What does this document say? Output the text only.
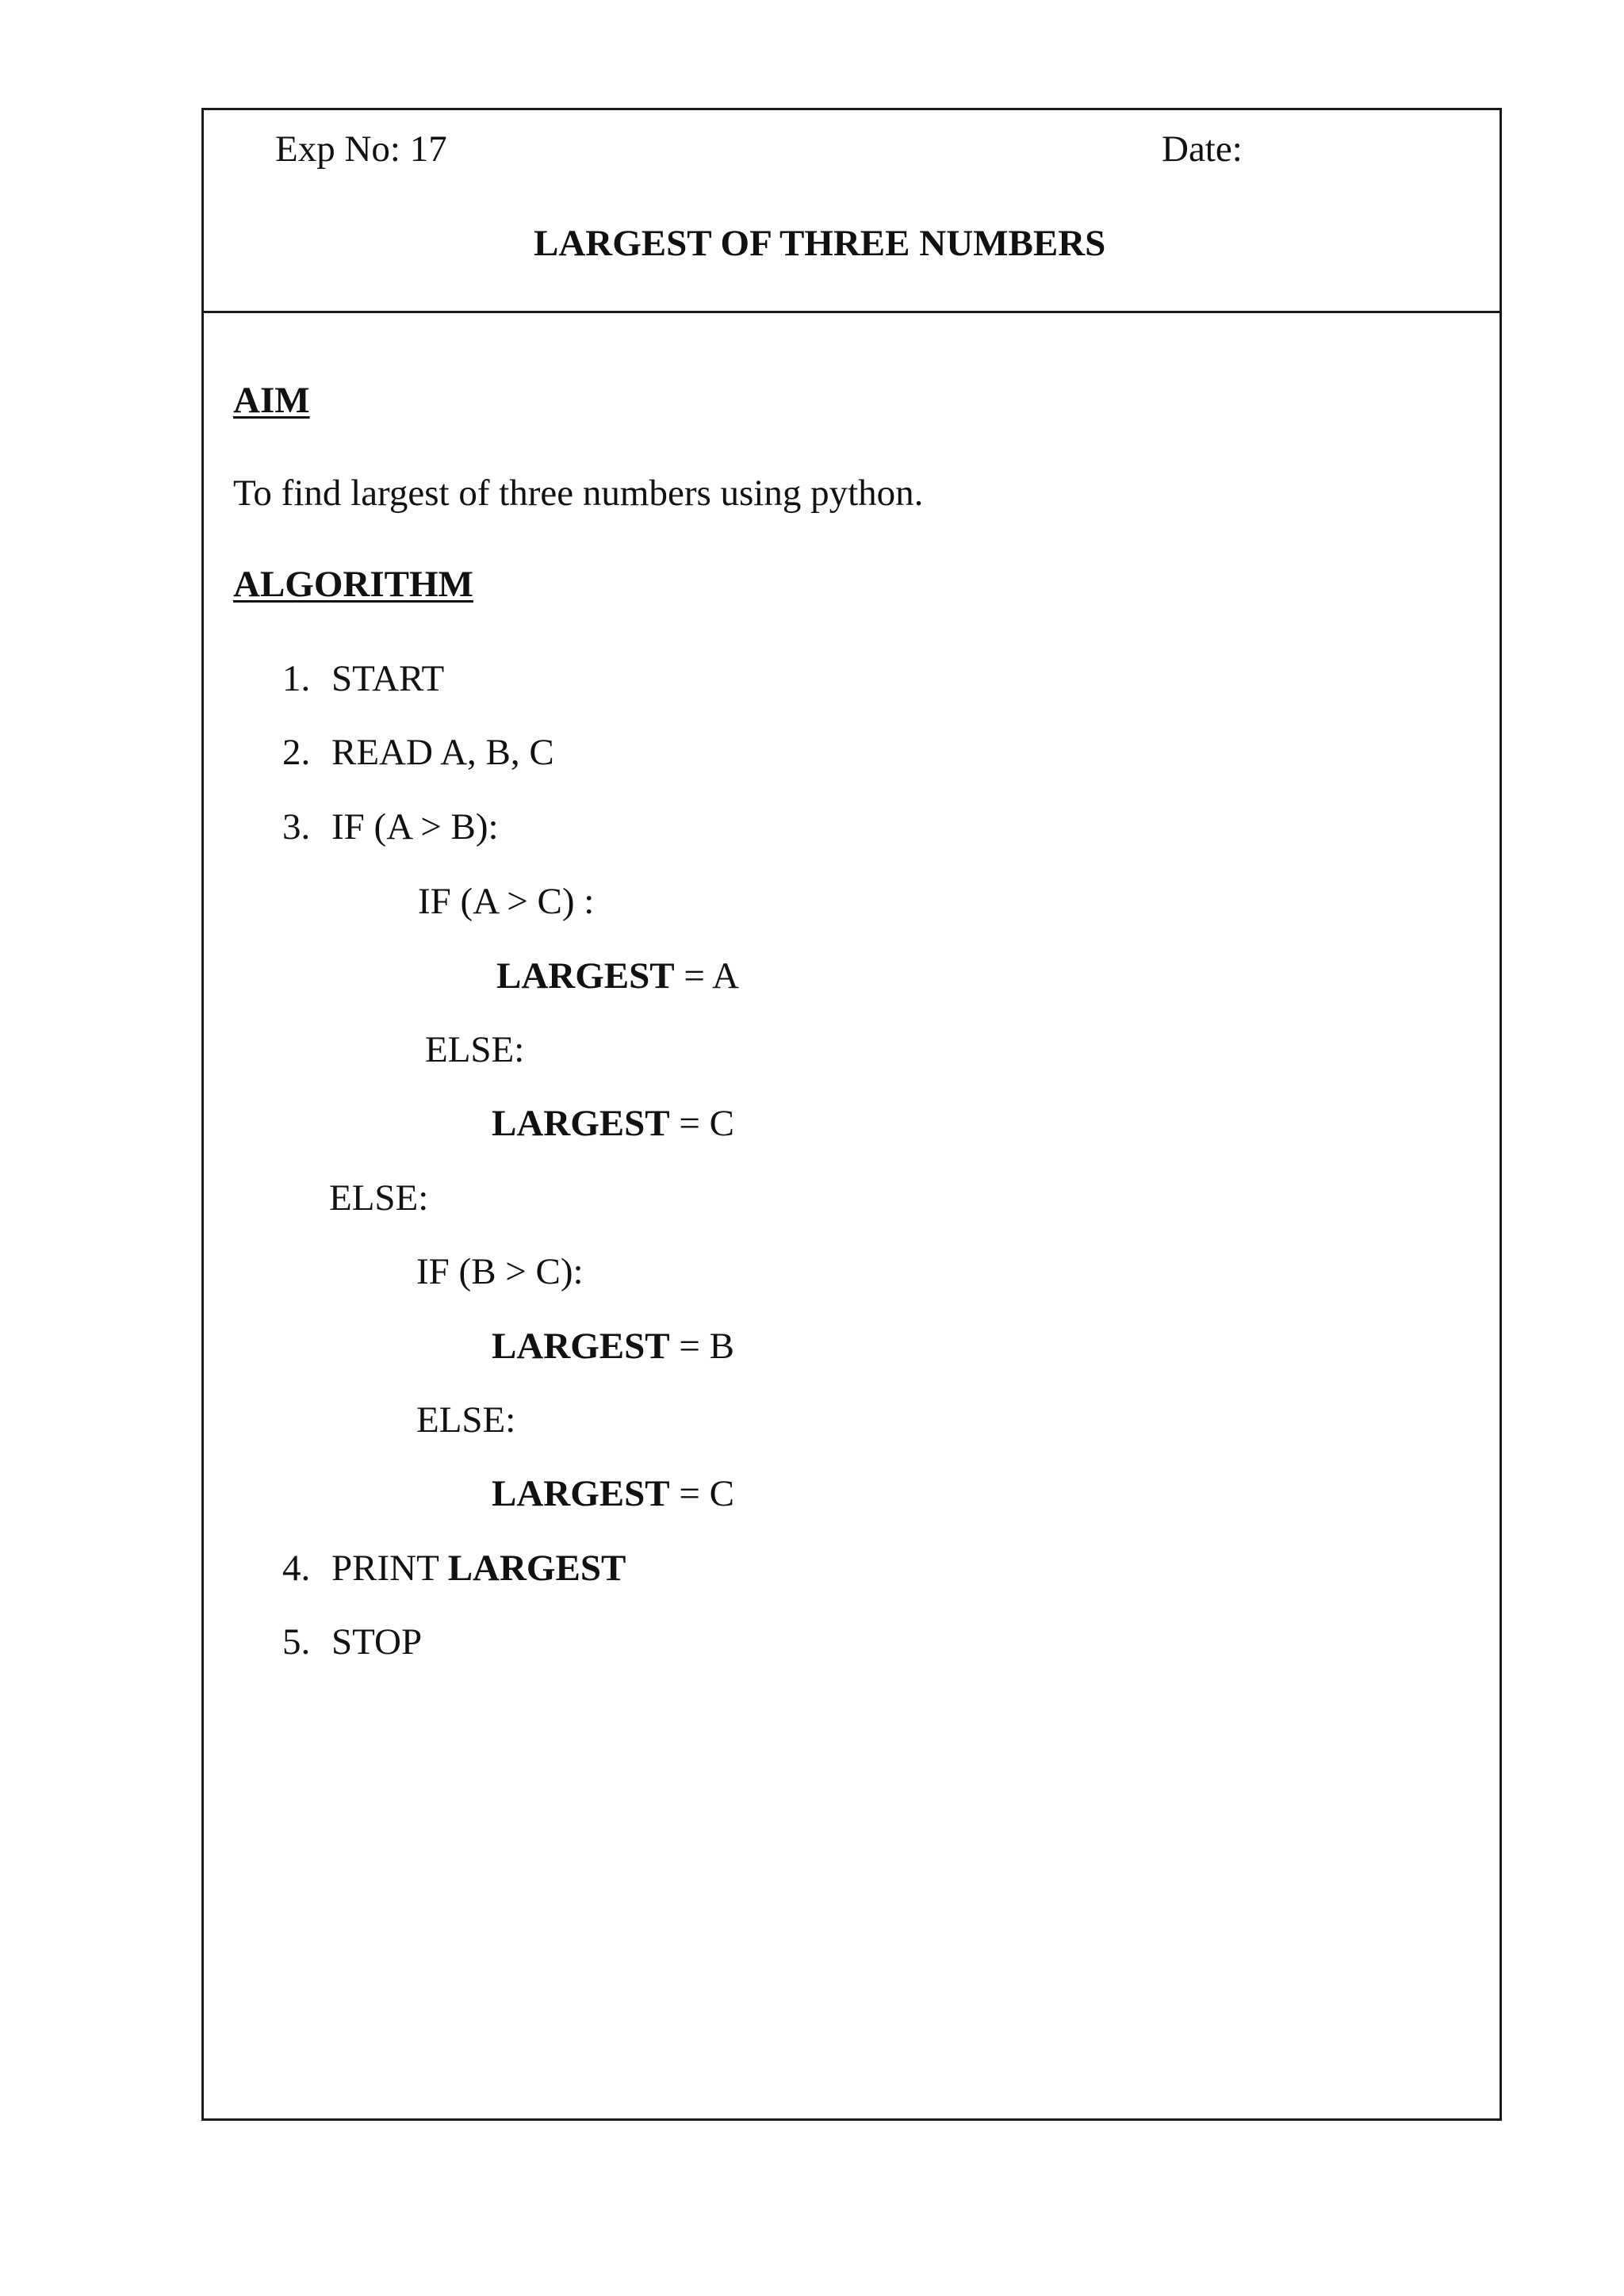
Exp No: 17	Date:
LARGEST OF THREE NUMBERS
AIM
To find largest of three numbers using python.
ALGORITHM
1. START
2. READ A, B, C
3. IF (A > B):
IF (A > C) :
LARGEST = A
ELSE:
LARGEST = C
ELSE:
IF (B > C):
LARGEST = B
ELSE:
LARGEST = C
4. PRINT LARGEST
5. STOP
